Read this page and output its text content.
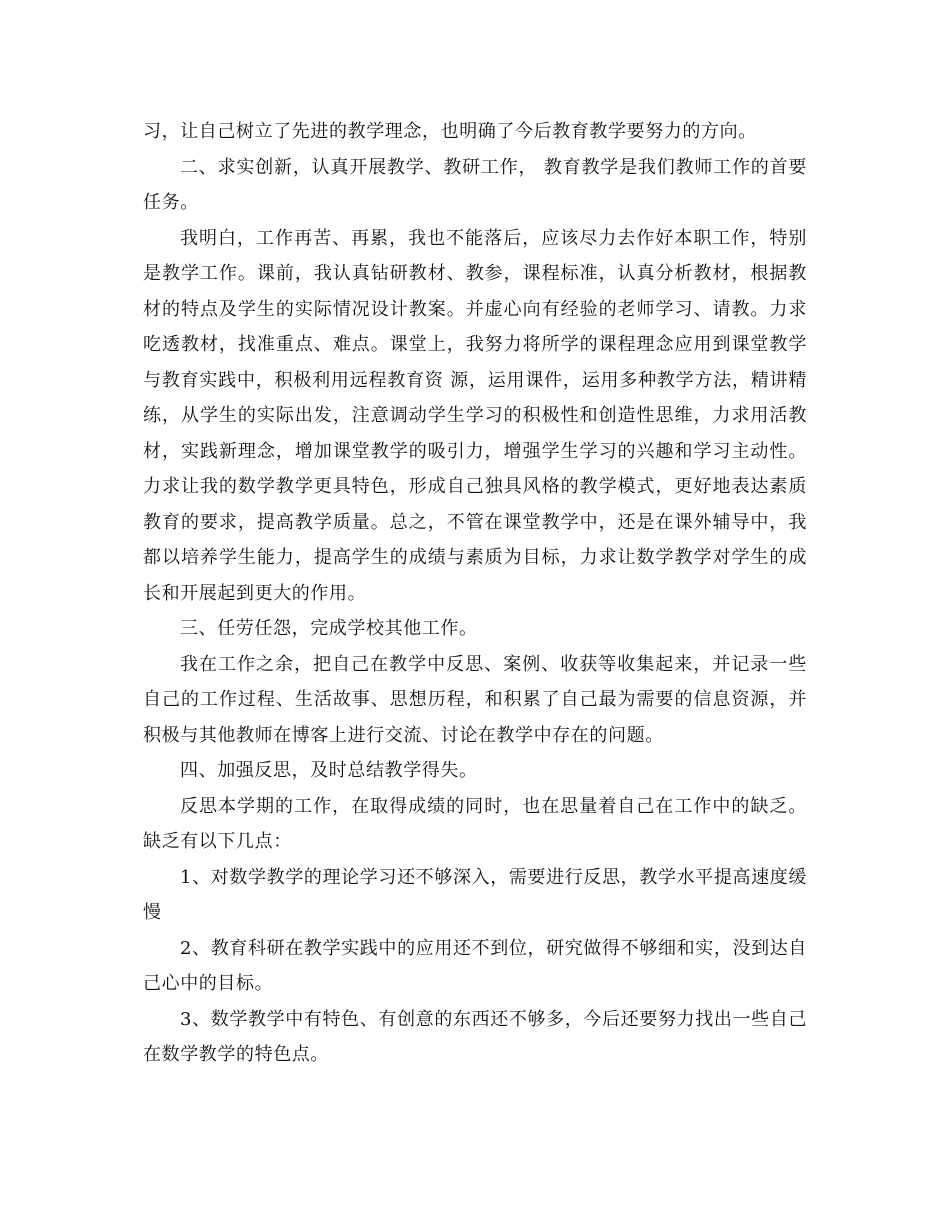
习，让自己树立了先进的教学理念，也明确了今后教育教学要努力的方向。

二、求实创新，认真开展教学、教研工作， 教育教学是我们教师工作的首要任务。

我明白，工作再苦、再累，我也不能落后，应该尽力去作好本职工作，特别是教学工作。课前，我认真钻研教材、教参，课程标准，认真分析教材，根据教材的特点及学生的实际情况设计教案。并虚心向有经验的老师学习、请教。力求吃透教材，找准重点、难点。课堂上，我努力将所学的课程理念应用到课堂教学与教育实践中，积极利用远程教育资 源，运用课件，运用多种教学方法，精讲精练，从学生的实际出发，注意调动学生学习的积极性和创造性思维，力求用活教材，实践新理念，增加课堂教学的吸引力，增强学生学习的兴趣和学习主动性。力求让我的数学教学更具特色，形成自己独具风格的教学模式，更好地表达素质教育的要求，提高教学质量。总之，不管在课堂教学中，还是在课外辅导中，我都以培养学生能力，提高学生的成绩与素质为目标，力求让数学教学对学生的成长和开展起到更大的作用。

三、任劳任怨，完成学校其他工作。

我在工作之余，把自己在教学中反思、案例、收获等收集起来，并记录一些自己的工作过程、生活故事、思想历程，和积累了自己最为需要的信息资源，并积极与其他教师在博客上进行交流、讨论在教学中存在的问题。

四、加强反思，及时总结教学得失。

反思本学期的工作，在取得成绩的同时，也在思量着自己在工作中的缺乏。缺乏有以下几点：

1、对数学教学的理论学习还不够深入，需要进行反思，教学水平提高速度缓慢

2、教育科研在教学实践中的应用还不到位，研究做得不够细和实，没到达自己心中的目标。

3、数学教学中有特色、有创意的东西还不够多，今后还要努力找出一些自己在数学教学的特色点。
